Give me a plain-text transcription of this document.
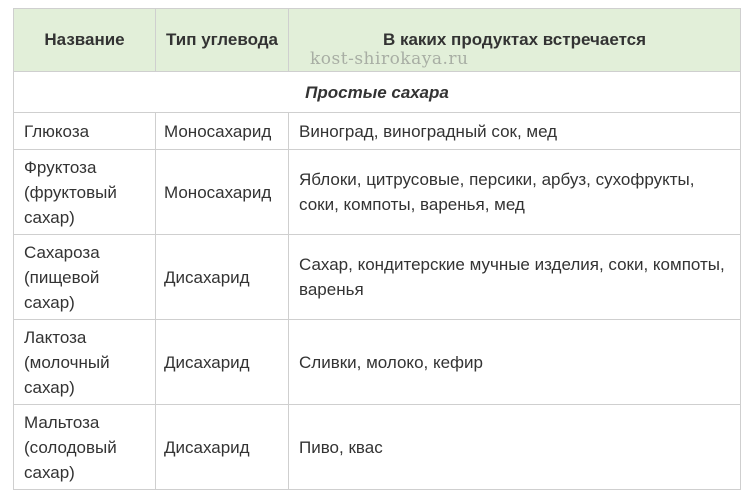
Название	Тип углевода	В каких продуктах встречается
Простые сахара		
Глюкоза	Моносахарид	Виноград, виноградный сок, мед
Фруктоза (фруктовый сахар)	Моносахарид	Яблоки, цитрусовые, персики, арбуз, сухофрукты, соки, компоты, варенья, мед
Сахароза (пищевой сахар)	Дисахарид	Сахар, кондитерские мучные изделия, соки, компоты, варенья
Лактоза (молочный сахар)	Дисахарид	Сливки, молоко, кефир
Мальтоза (солодовый сахар)	Дисахарид	Пиво, квас
kost-shirokaya.ru
